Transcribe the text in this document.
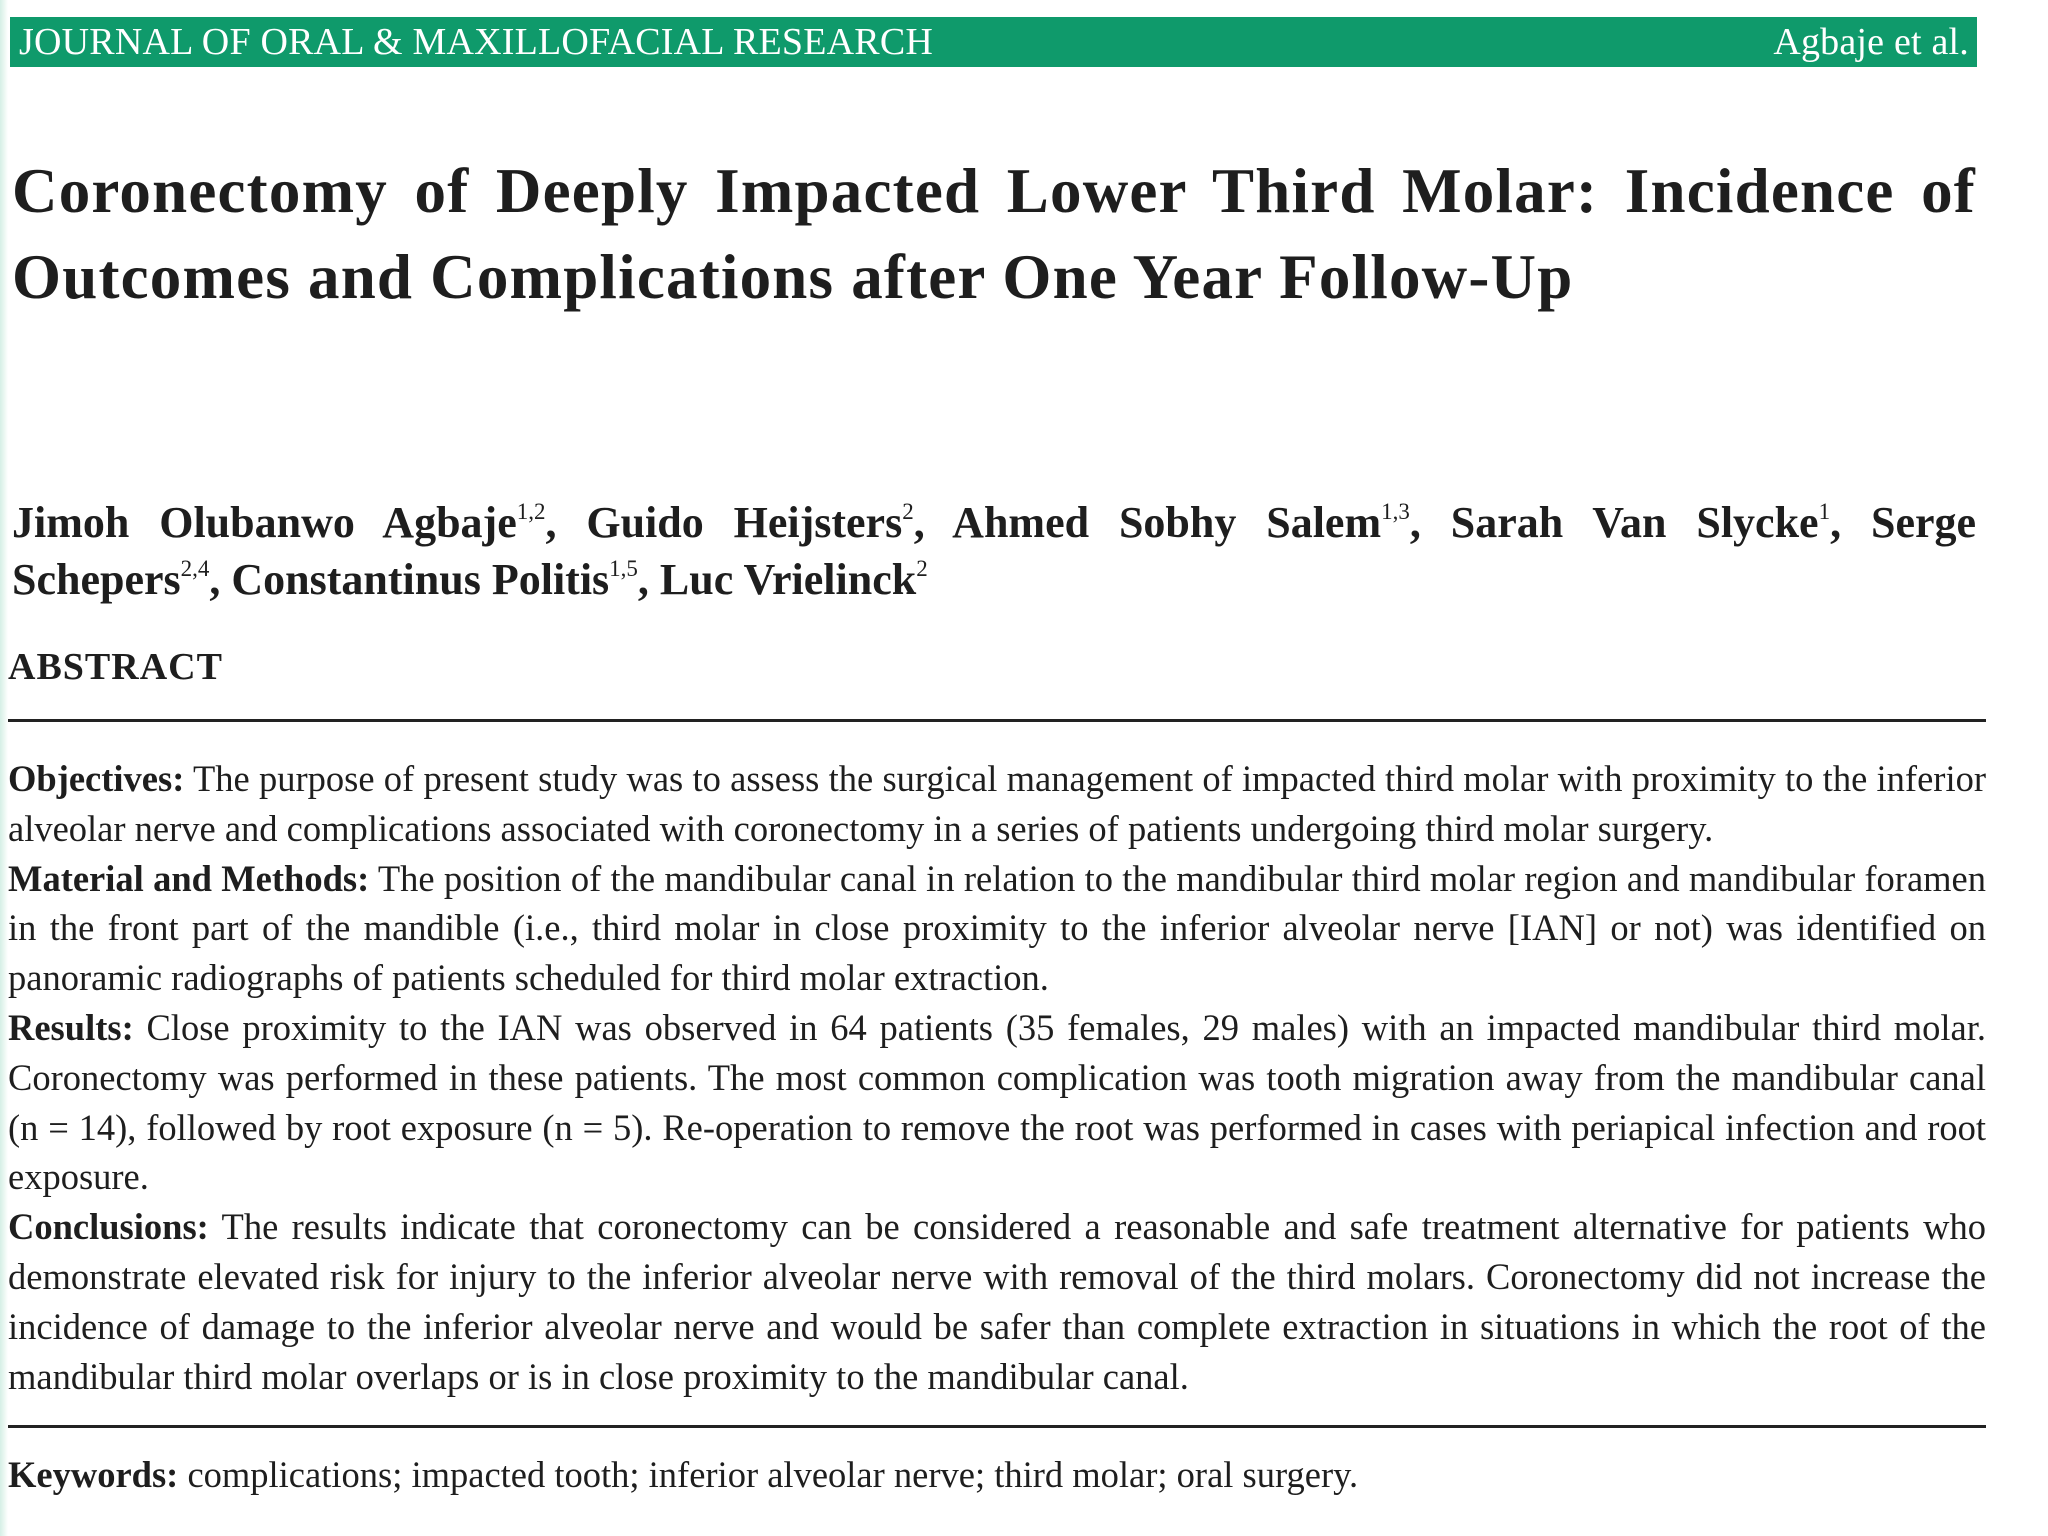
JOURNAL OF ORAL & MAXILLOFACIAL RESEARCH	Agbaje et al.
Coronectomy of Deeply Impacted Lower Third Molar: Incidence of Outcomes and Complications after One Year Follow-Up

Jimoh Olubanwo Agbaje$^{1,2}$, Guido Heijsters$^2$, Ahmed Sobhy Salem$^{1,3}$, Sarah Van Slycke$^1$, Serge Schepers$^{2,4}$, Constantinus Politis$^{1,5}$, Luc Vrielinck$^2$

ABSTRACT

Objectives: The purpose of present study was to assess the surgical management of impacted third molar with proximity to the inferior alveolar nerve and complications associated with coronectomy in a series of patients undergoing third molar surgery.

Material and Methods: The position of the mandibular canal in relation to the mandibular third molar region and mandibular foramen in the front part of the mandible (i.e., third molar in close proximity to the inferior alveolar nerve [IAN] or not) was identified on panoramic radiographs of patients scheduled for third molar extraction.

Results: Close proximity to the IAN was observed in 64 patients (35 females, 29 males) with an impacted mandibular third molar. Coronectomy was performed in these patients. The most common complication was tooth migration away from the mandibular canal (n = 14), followed by root exposure (n = 5). Re-operation to remove the root was performed in cases with periapical infection and root exposure.

Conclusions: The results indicate that coronectomy can be considered a reasonable and safe treatment alternative for patients who demonstrate elevated risk for injury to the inferior alveolar nerve with removal of the third molars. Coronectomy did not increase the incidence of damage to the inferior alveolar nerve and would be safer than complete extraction in situations in which the root of the mandibular third molar overlaps or is in close proximity to the mandibular canal.

Keywords: complications; impacted tooth; inferior alveolar nerve; third molar; oral surgery.
